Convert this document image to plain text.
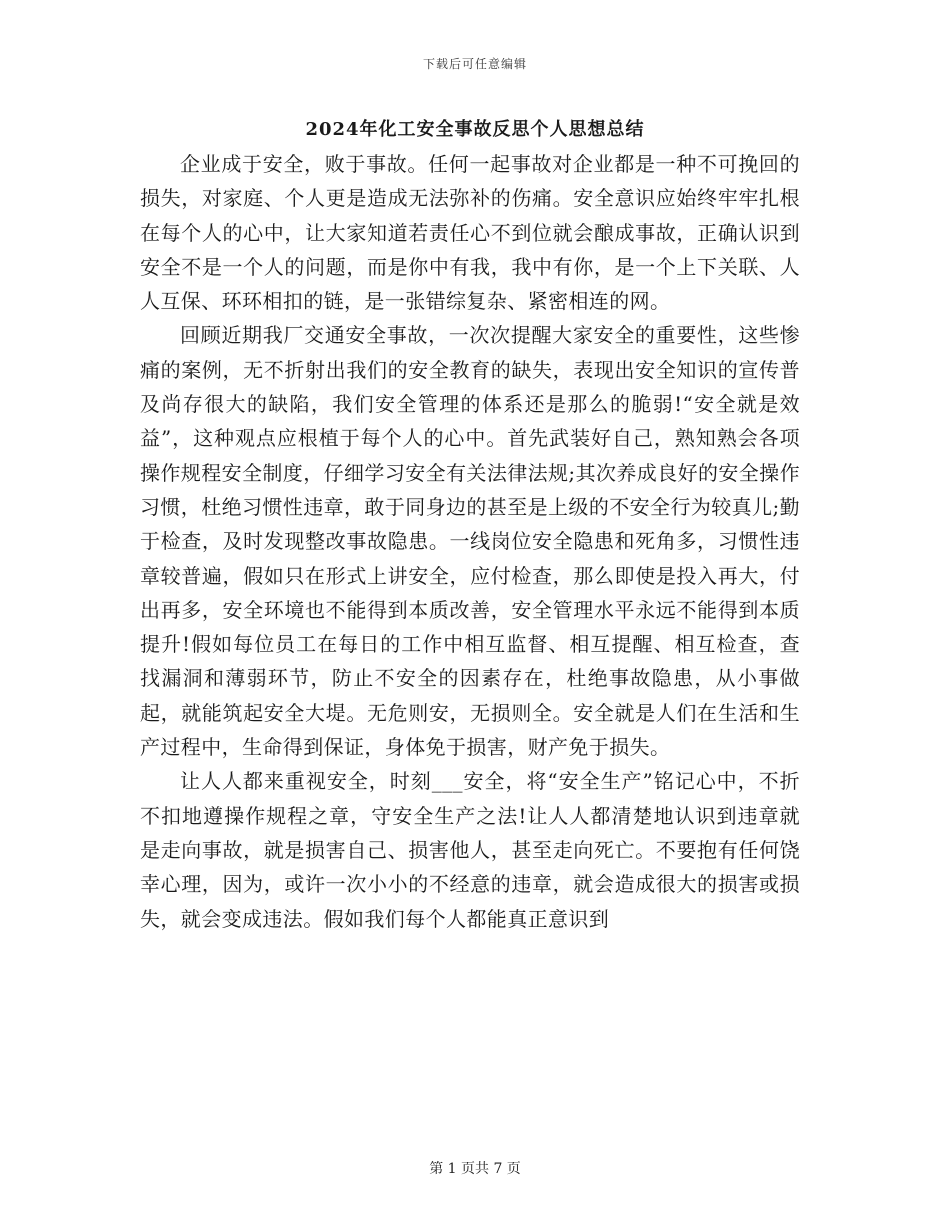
下载后可任意编辑
2024年化工安全事故反思个人思想总结

企业成于安全，败于事故。任何一起事故对企业都是一种不可挽回的损失，对家庭、个人更是造成无法弥补的伤痛。安全意识应始终牢牢扎根在每个人的心中，让大家知道若责任心不到位就会酿成事故，正确认识到安全不是一个人的问题，而是你中有我，我中有你，是一个上下关联、人人互保、环环相扣的链，是一张错综复杂、紧密相连的网。

回顾近期我厂交通安全事故，一次次提醒大家安全的重要性，这些惨痛的案例，无不折射出我们的安全教育的缺失，表现出安全知识的宣传普及尚存很大的缺陷，我们安全管理的体系还是那么的脆弱!“安全就是效益”，这种观点应根植于每个人的心中。首先武装好自己，熟知熟会各项操作规程安全制度，仔细学习安全有关法律法规;其次养成良好的安全操作习惯，杜绝习惯性违章，敢于同身边的甚至是上级的不安全行为较真儿;勤于检查，及时发现整改事故隐患。一线岗位安全隐患和死角多，习惯性违章较普遍，假如只在形式上讲安全，应付检查，那么即使是投入再大，付出再多，安全环境也不能得到本质改善，安全管理水平永远不能得到本质提升!假如每位员工在每日的工作中相互监督、相互提醒、相互检查，查找漏洞和薄弱环节，防止不安全的因素存在，杜绝事故隐患，从小事做起，就能筑起安全大堤。无危则安，无损则全。安全就是人们在生活和生产过程中，生命得到保证，身体免于损害，财产免于损失。

让人人都来重视安全，时刻___安全，将“安全生产”铭记心中，不折不扣地遵操作规程之章，守安全生产之法!让人人都清楚地认识到违章就是走向事故，就是损害自己、损害他人，甚至走向死亡。不要抱有任何饶幸心理，因为，或许一次小小的不经意的违章，就会造成很大的损害或损失，就会变成违法。假如我们每个人都能真正意识到

第 1 页共 7 页
